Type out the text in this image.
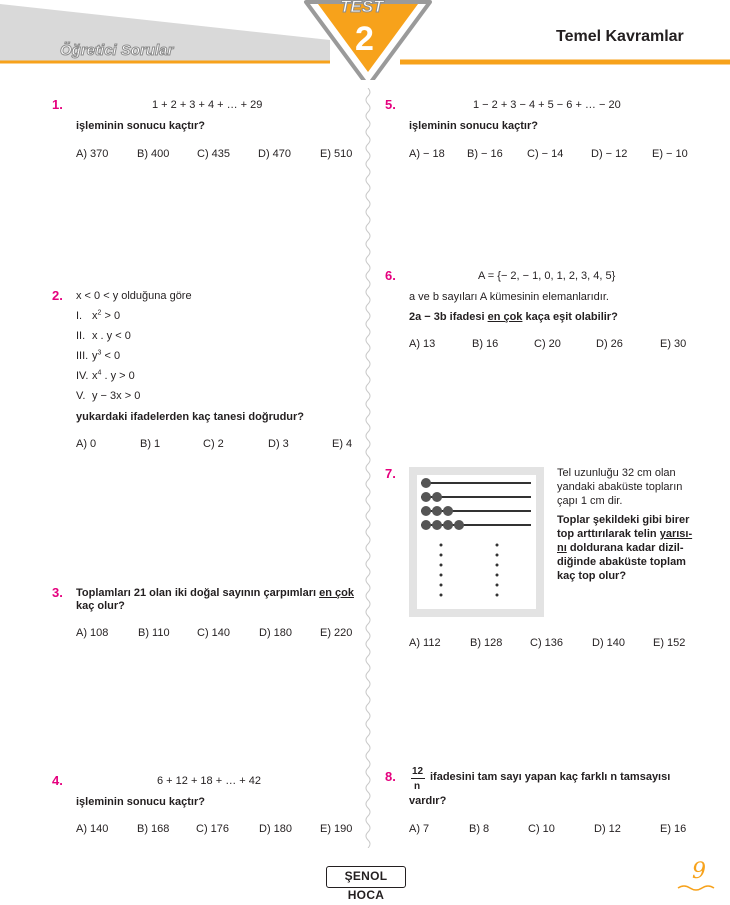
Öğretici Sorular
TEST
2	Temel Kavramlar
1.	1 + 2 + 3 + 4 + … + 29
işleminin sonucu kaçtır?
A) 370	B) 400	C) 435	D) 470	E) 510
2. x < 0 < y olduğuna göre
I. $x^2 > 0$
II. x . y < 0
III. $y^3 < 0$
IV. $x^4$ . y > 0
V. y − 3x > 0
yukardaki ifadelerden kaç tanesi doğrudur?
A) 0	B) 1	C) 2	D) 3	E) 4
3. Toplamları 21 olan iki doğal sayının çarpımları en çok
kaç olur?
A) 108	B) 110 C) 140	D) 180	E) 220
4.	6 + 12 + 18 + … + 42
işleminin sonucu kaçtır?
A) 140	B) 168 C) 176	D) 180	E) 190
5.	1 − 2 + 3 − 4 + 5 − 6 + … − 20
işleminin sonucu kaçtır?
A) − 18 B) − 16 C) − 14	D) − 12 E) − 10
6.	A = {− 2, − 1, 0, 1, 2, 3, 4, 5}
a ve b sayıları A kümesinin elemanlarıdır.
2a − 3b ifadesi en çok kaça eşit olabilir?
A) 13	B) 16	C) 20	D) 26	E) 30
7.	Tel uzunluğu 32 cm olan
yandaki abaküste topların
çapı 1 cm dir.
Toplar şekildeki gibi birer
top arttırılarak telin yarısı-
nı doldurana kadar dizil-
diğinde abaküste toplam
kaç top olur?
A) 112	B) 128	C) 136	D) 140	E) 152
8. 12
n
ifadesini tam sayı yapan kaç farklı n tamsayısı
vardır?
A) 7	B) 8	C) 10	D) 12	E) 16
ŞENOL HOCA
9
